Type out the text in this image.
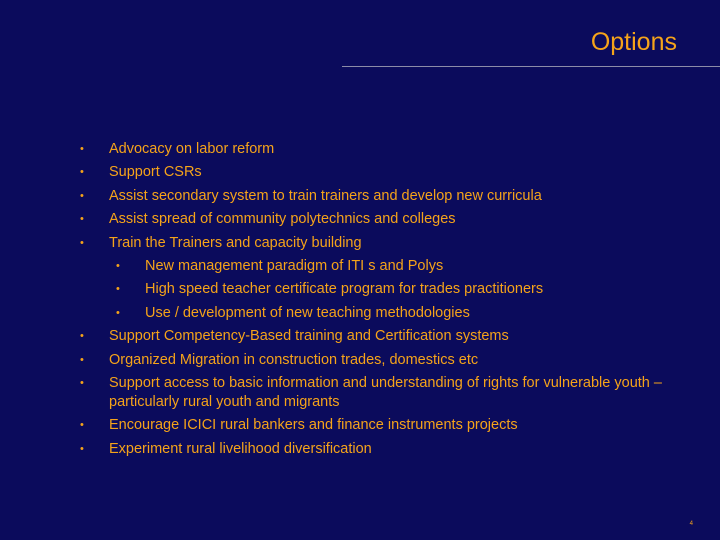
Options
• Advocacy on labor reform
• Support CSRs
• Assist secondary system to train trainers and develop new curricula
• Assist spread of community polytechnics and colleges
• Train the Trainers and capacity building
• New management paradigm of ITI s and Polys
• High speed teacher certificate program for trades practitioners
• Use / development of new teaching methodologies
• Support Competency-Based training and Certification systems
• Organized Migration in construction trades, domestics etc
• Support access to basic information and understanding of rights for vulnerable youth – particularly rural youth and migrants
• Encourage ICICI rural bankers and finance instruments projects
• Experiment rural livelihood diversification
4
